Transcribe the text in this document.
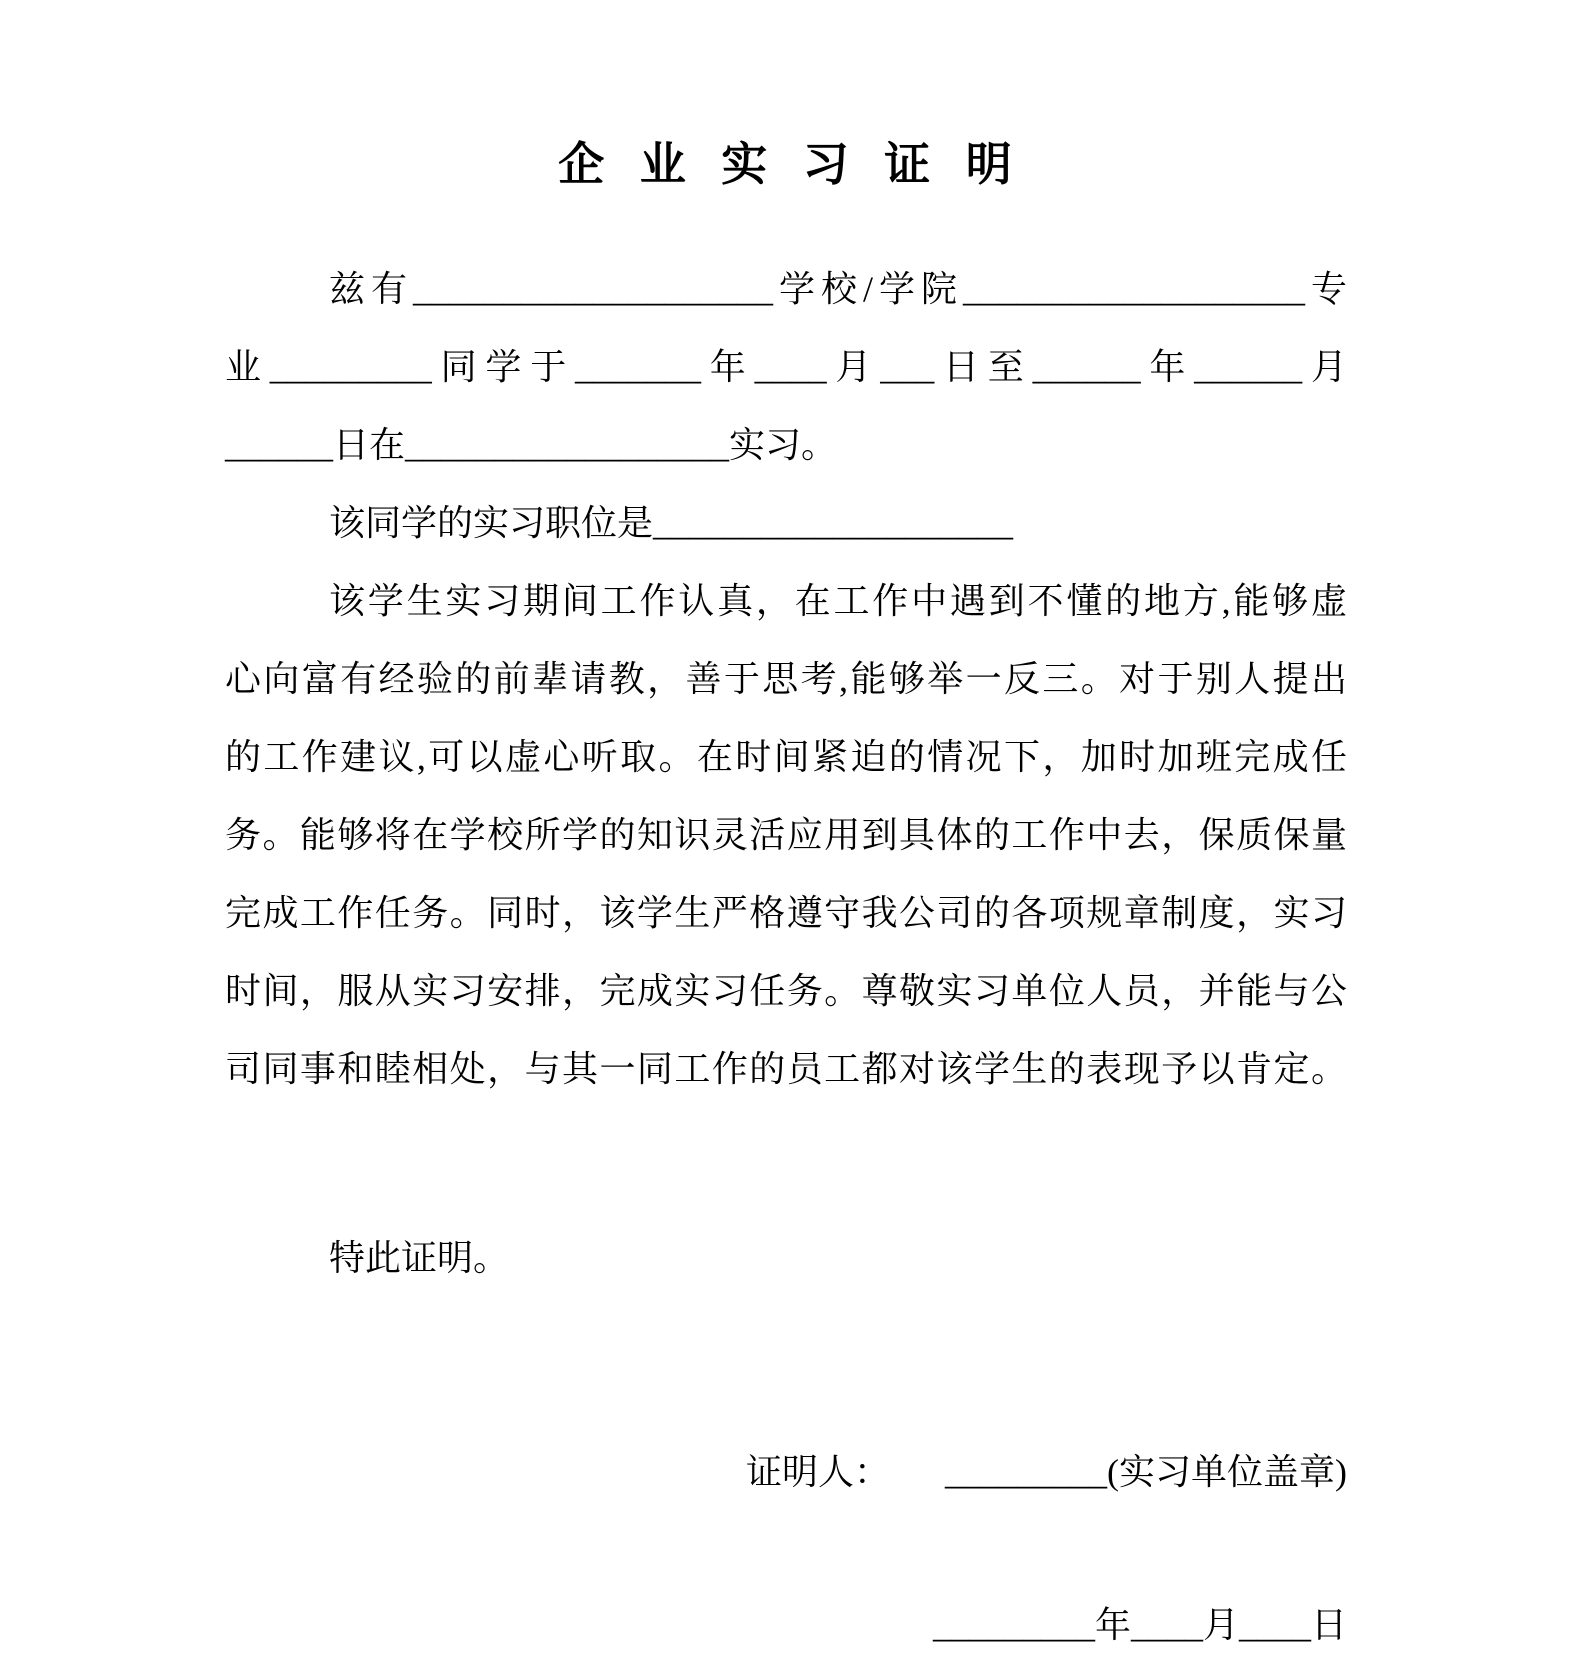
企 业 实 习 证 明
兹有____________________学校/学院___________________专
业_________同学于_______年____月___日至______年______月
______日在__________________实习。
该同学的实习职位是____________________
该学生实习期间工作认真，在工作中遇到不懂的地方,能够虚
心向富有经验的前辈请教，善于思考,能够举一反三。对于别人提出
的工作建议,可以虚心听取。在时间紧迫的情况下，加时加班完成任
务。能够将在学校所学的知识灵活应用到具体的工作中去，保质保量
完成工作任务。同时，该学生严格遵守我公司的各项规章制度，实习
时间，服从实习安排，完成实习任务。尊敬实习单位人员，并能与公
司同事和睦相处，与其一同工作的员工都对该学生的表现予以肯定。
特此证明。
证明人： _________(实习单位盖章)
_________年____月____日
